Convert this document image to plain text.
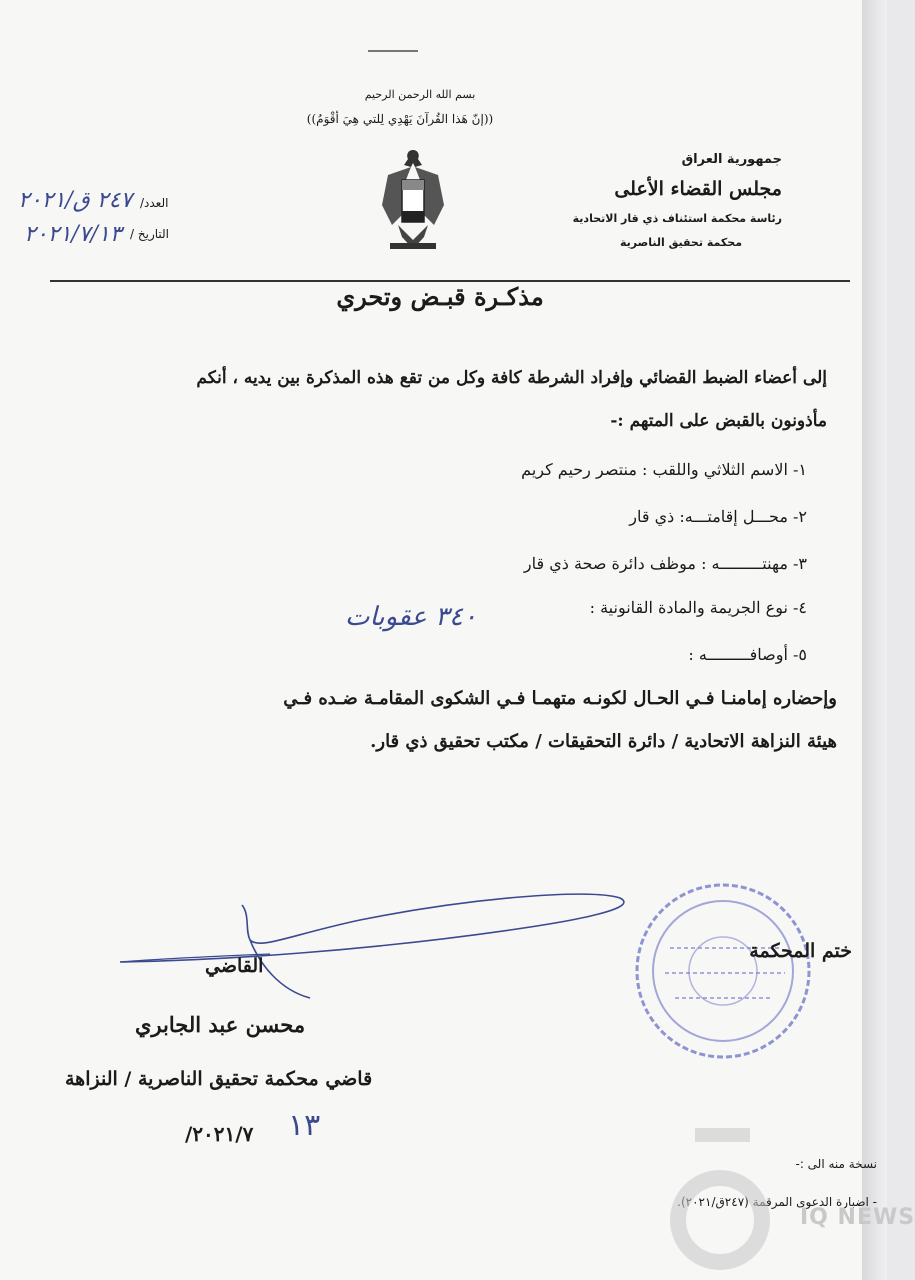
بسم الله الرحمن الرحيم
((إنّ هَذا القُرآنَ يَهْدِي لِلتي هِيَ أقْوَمُ))
جمهورية العراق
مجلس القضاء الأعلى
رئاسة محكمة استئناف ذي قار الاتحادية
محكمة تحقيق الناصرية
العدد/
٢٤٧ ق/٢٠٢١
التاريخ /
٢٠٢١/٧/١٣
مذكـرة قبـض وتحري
إلى أعضاء الضبط القضائي وإفراد الشرطة كافة وكل من تقع هذه المذكرة بين يديه ، أنكم
مأذونون بالقبض على المتهم :-
١- الاسم الثلاثي واللقب : منتصر رحيم كريم
٢- محـــل إقامتـــه: ذي قار
٣- مهنتـــــــــه : موظف دائرة صحة ذي قار
٤- نوع الجريمة والمادة القانونية :
٣٤٠ عقوبات
٥- أوصافـــــــــه :
وإحضاره إمامنـا فـي الحـال لكونـه متهمـا فـي الشكوى المقامـة ضـده فـي
هيئة النزاهة الاتحادية / دائرة التحقيقات / مكتب تحقيق ذي قار.
ختم المحكمة
القاضي
محسن عبد الجابري
قاضي محكمة تحقيق الناصرية / النزاهة
٢٠٢١/٧/ ١٣
نسخة منه الى :-
- اضبارة الدعوى المرقمة (٢٤٧ق/٢٠٢١).
IQ NEWS
